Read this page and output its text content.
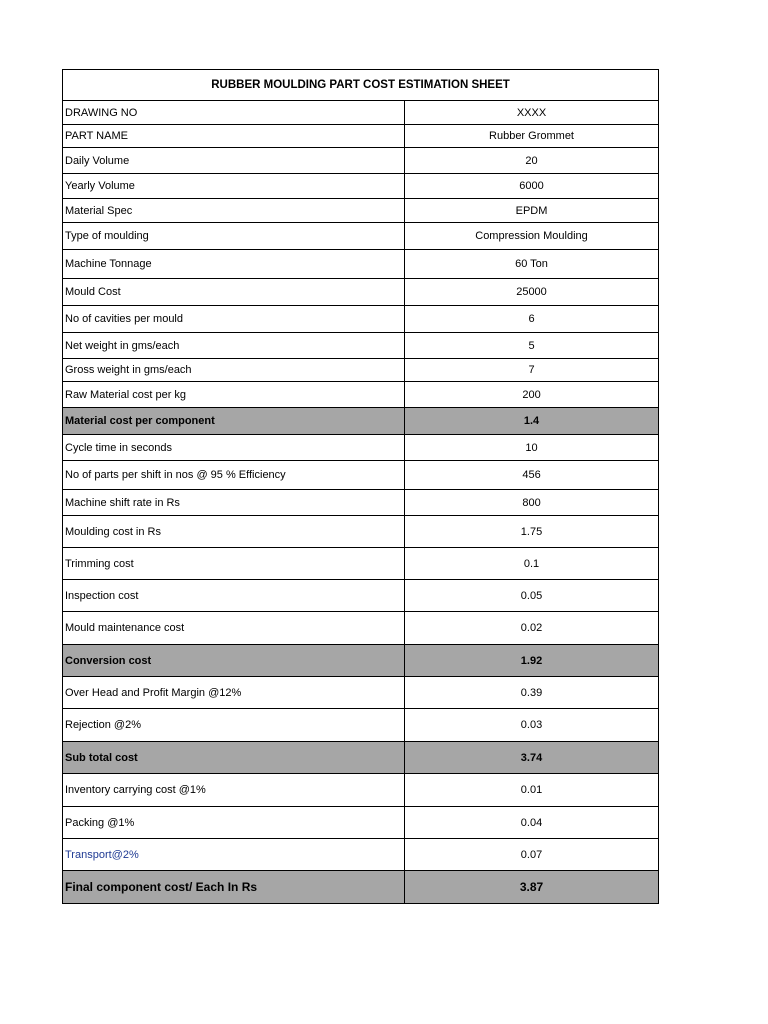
RUBBER MOULDING PART COST ESTIMATION SHEET	
DRAWING NO	XXXX
PART NAME	Rubber Grommet
Daily Volume	20
Yearly Volume	6000
Material Spec	EPDM
Type of moulding	Compression Moulding
Machine Tonnage	60 Ton
Mould Cost	25000
No of cavities per mould	6
Net weight in gms/each	5
Gross weight in gms/each	7
Raw Material cost per kg	200
Material cost per component	1.4
Cycle time in seconds	10
No of parts per shift in nos @ 95 % Efficiency	456
Machine shift rate in Rs	800
Moulding cost in Rs	1.75
Trimming cost	0.1
Inspection cost	0.05
Mould maintenance cost	0.02
Conversion cost	1.92
Over Head and Profit Margin @12%	0.39
Rejection @2%	0.03
Sub total cost	3.74
Inventory carrying cost @1%	0.01
Packing @1%	0.04
Transport@2%	0.07
Final component cost/ Each In Rs	3.87
